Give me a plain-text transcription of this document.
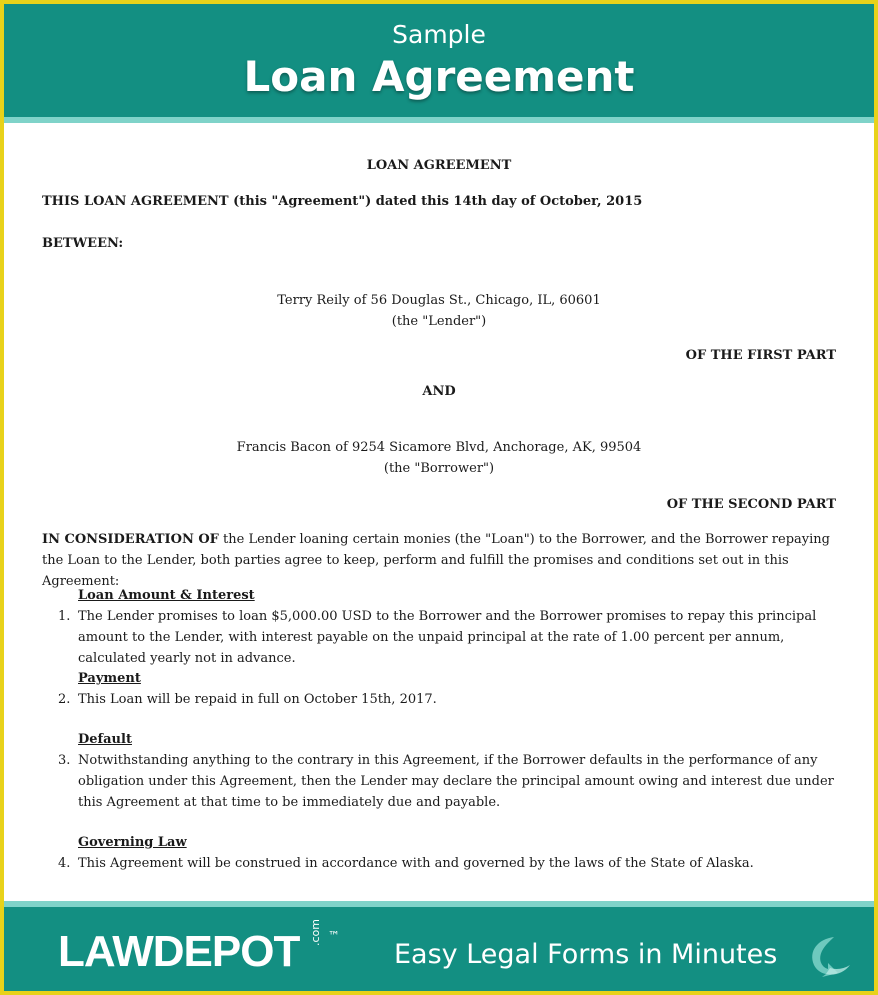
Sample
Loan Agreement

LOAN AGREEMENT

THIS LOAN AGREEMENT (this "Agreement") dated this 14th day of October, 2015

BETWEEN:

Terry Reily of 56 Douglas St., Chicago, IL, 60601

(the "Lender")

OF THE FIRST PART

AND

Francis Bacon of 9254 Sicamore Blvd, Anchorage, AK, 99504

(the "Borrower")

OF THE SECOND PART

IN CONSIDERATION OF the Lender loaning certain monies (the "Loan") to the Borrower, and the Borrower repaying the Loan to the Lender, both parties agree to keep, perform and fulfill the promises and conditions set out in this Agreement:

Loan Amount & Interest
1. The Lender promises to loan $5,000.00 USD to the Borrower and the Borrower promises to repay this principal amount to the Lender, with interest payable on the unpaid principal at the rate of 1.00 percent per annum, calculated yearly not in advance.

Payment
2. This Loan will be repaid in full on October 15th, 2017.

Default
3. Notwithstanding anything to the contrary in this Agreement, if the Borrower defaults in the performance of any obligation under this Agreement, then the Lender may declare the principal amount owing and interest due under this Agreement at that time to be immediately due and payable.

Governing Law
4. This Agreement will be construed in accordance with and governed by the laws of the State of Alaska.

LAWDEPOT .com ™
Easy Legal Forms in Minutes
